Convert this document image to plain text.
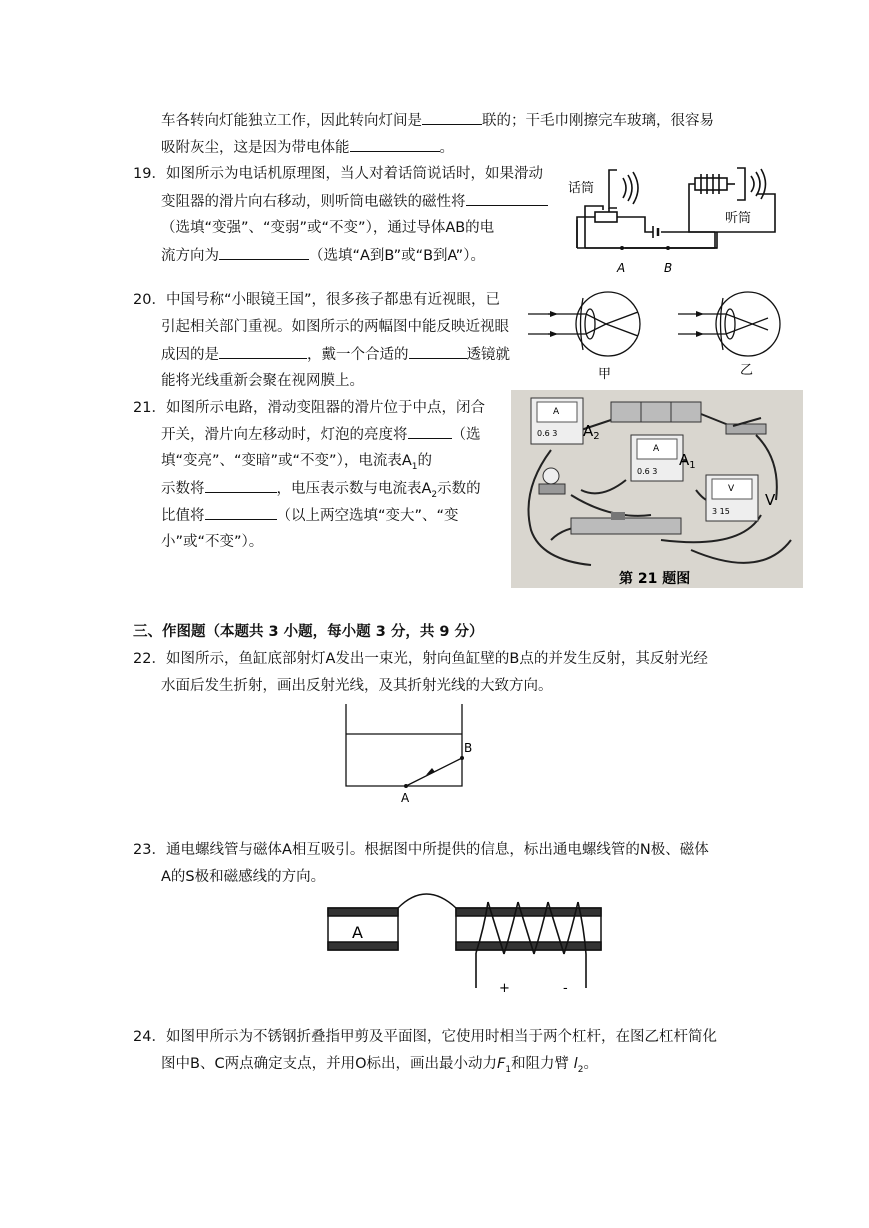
车各转向灯能独立工作，因此转向灯间是	联的；干毛巾刚擦完车玻璃，很容易
吸附灰尘，这是因为带电体能	。
19．如图所示为电话机原理图，当人对着话筒说话时，如果滑动
变阻器的滑片向右移动，则听筒电磁铁的磁性将
（选填“变强”、“变弱”或“不变”），通过导体AB的电
流方向为	（选填“A到B”或“B到A”）。
话筒
听筒
A	B
20．中国号称“小眼镜王国”，很多孩子都患有近视眼，已
引起相关部门重视。如图所示的两幅图中能反映近视眼
成因的是	，戴一个合适的	透镜就
能将光线重新会聚在视网膜上。	甲	乙
21．如图所示电路，滑动变阻器的滑片位于中点，闭合
开关，滑片向左移动时，灯泡的亮度将	（选
填“变亮”、“变暗”或“不变”），电流表$A_1$的
示数将	，电压表示数与电流表$A_2$示数的
比值将	（以上两空选填“变大”、“变
小”或“不变”）。
A
0.6 3 $A_2$
A
0.6 3
$A_1$
V
3 15
V
第 21 题图
三、作图题（本题共 3 小题，每小题 3 分，共 9 分）
22．如图所示，鱼缸底部射灯A发出一束光，射向鱼缸壁的B点的并发生反射，其反射光经
水面后发生折射，画出反射光线，及其折射光线的大致方向。
A
B
23．通电螺线管与磁体A相互吸引。根据图中所提供的信息，标出通电螺线管的N极、磁体
A的S极和磁感线的方向。
A
+	-
24．如图甲所示为不锈钢折叠指甲剪及平面图，它使用时相当于两个杠杆，在图乙杠杆简化
图中B、C两点确定支点，并用O标出，画出最小动力$F_1$和阻力臂 $l_2$。
